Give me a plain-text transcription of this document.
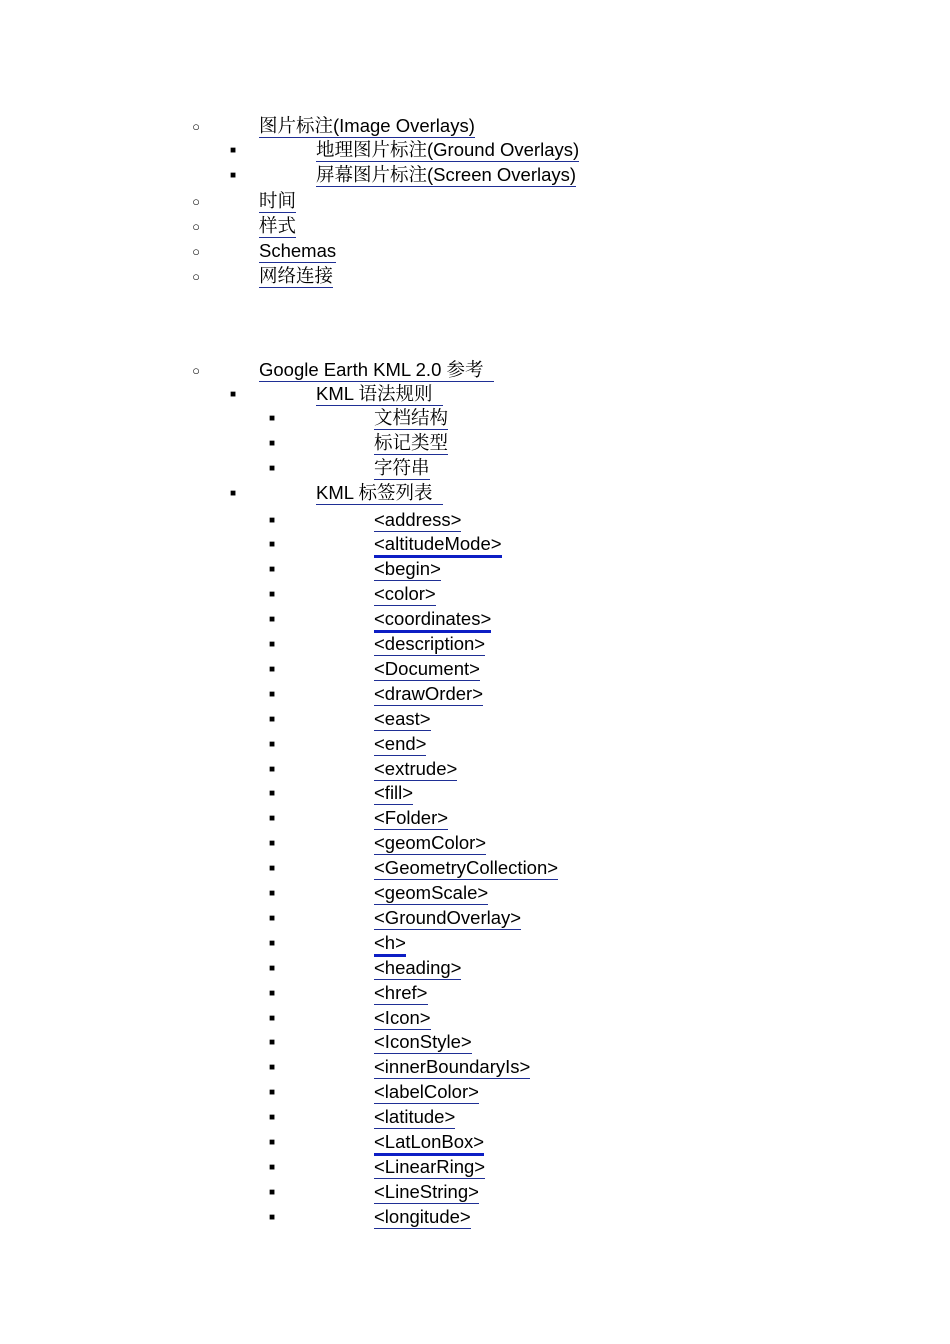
○	图片标注(Image Overlays)
■	地理图片标注(Ground Overlays)
■	屏幕图片标注(Screen Overlays)
○	时间
○	样式
○	Schemas
○	网络连接
○	Google Earth KML 2.0 参考
■	KML 语法规则
■	文档结构
■	标记类型
■	字符串
■	KML 标签列表
■	<address>
■	<altitudeMode>
■	<begin>
■	<color>
■	<coordinates>
■	<description>
■	<Document>
■	<drawOrder>
■	<east>
■	<end>
■	<extrude>
■	<fill>
■	<Folder>
■	<geomColor>
■	<GeometryCollection>
■	<geomScale>
■	<GroundOverlay>
■	<h>
■	<heading>
■	<href>
■	<Icon>
■	<IconStyle>
■	<innerBoundaryIs>
■	<labelColor>
■	<latitude>
■	<LatLonBox>
■	<LinearRing>
■	<LineString>
■	<longitude>
